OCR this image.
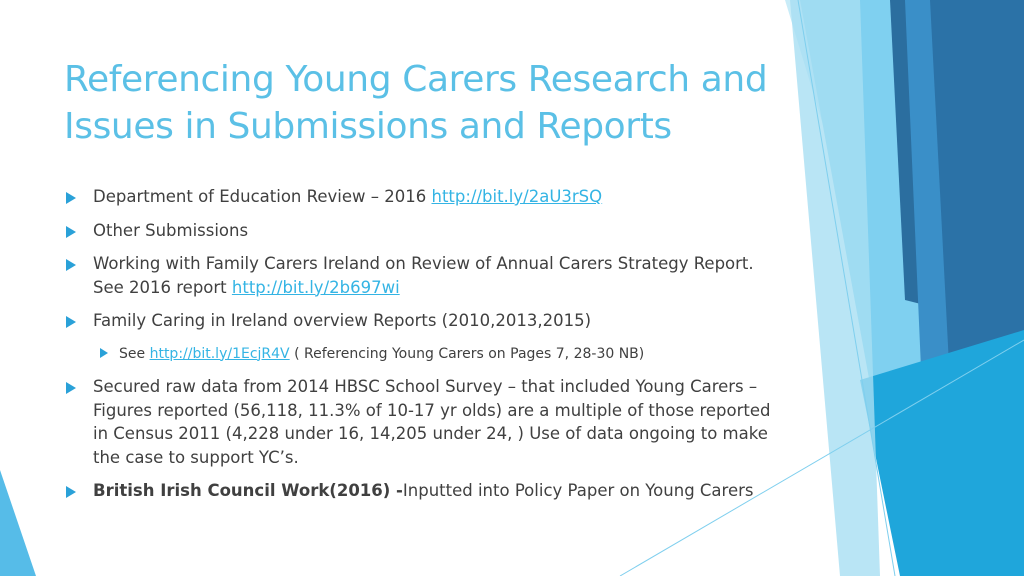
Referencing Young Carers Research and
Issues in Submissions and Reports
Department of Education Review – 2016 http://bit.ly/2aU3rSQ
Other Submissions
Working with Family Carers Ireland on Review of Annual Carers Strategy Report. See 2016 report http://bit.ly/2b697wi
Family Caring in Ireland overview Reports (2010,2013,2015)
See http://bit.ly/1EcjR4V ( Referencing Young Carers on Pages 7, 28-30 NB)
Secured raw data from 2014 HBSC School Survey – that included Young Carers – Figures reported (56,118, 11.3% of 10-17 yr olds) are a multiple of those reported in Census 2011 (4,228 under 16, 14,205 under 24, ) Use of data ongoing to make the case to support YC’s.
British Irish Council Work(2016) -Inputted into Policy Paper on Young Carers
